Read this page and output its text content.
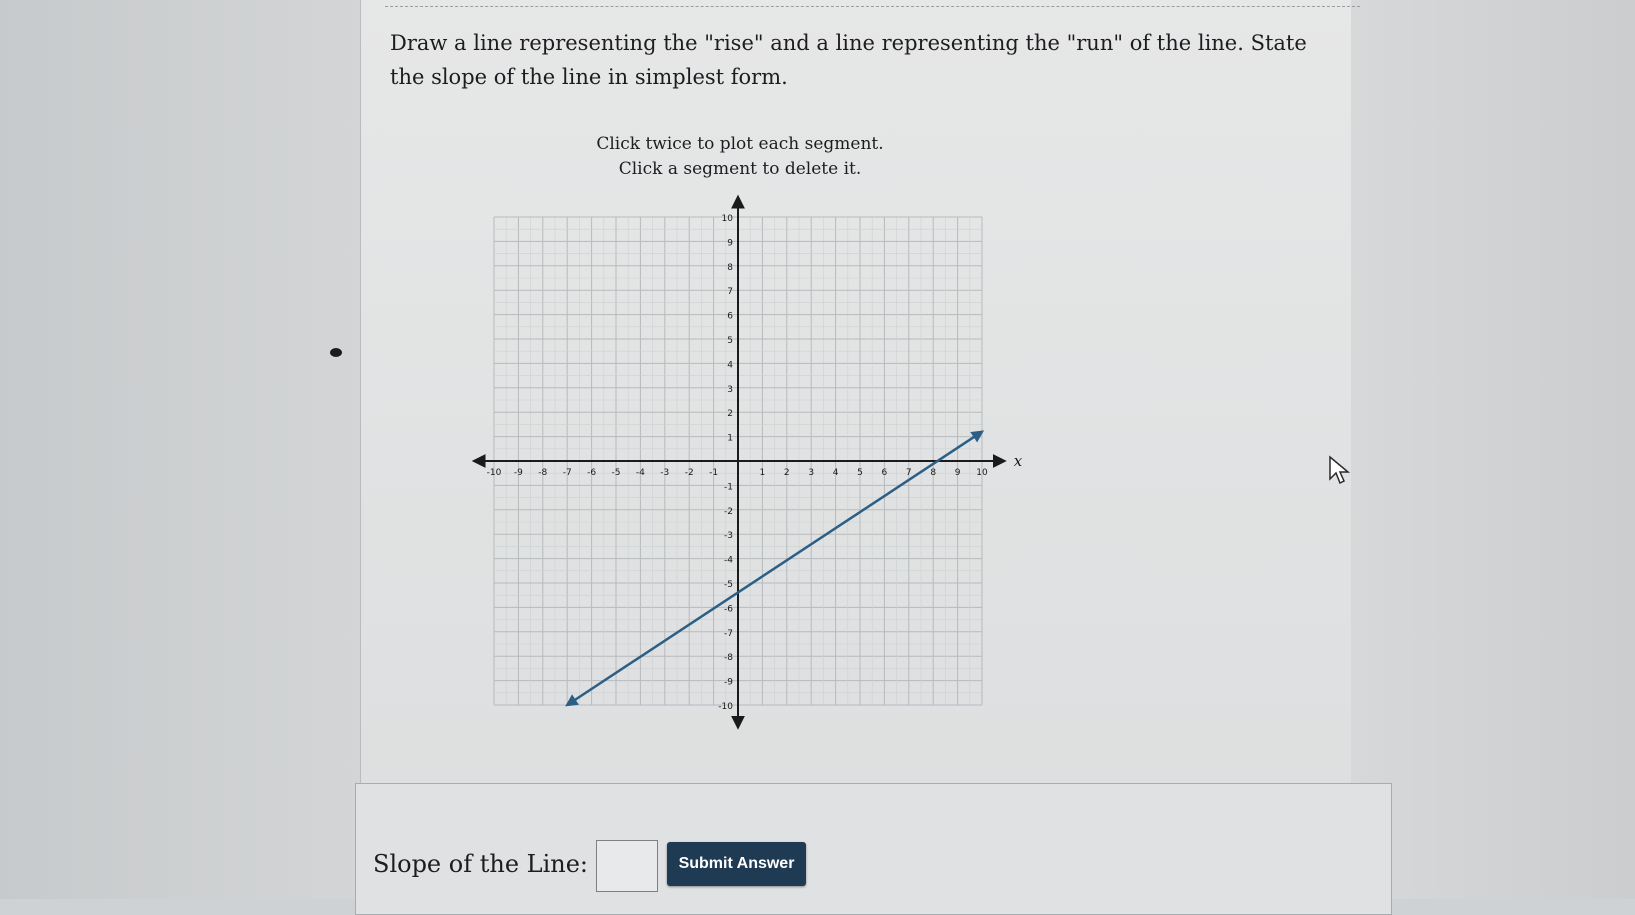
Draw a line representing the "rise" and a line representing the "run" of the line. State the slope of the line in simplest form.
Click twice to plot each segment.
Click a segment to delete it.
x
-10 -9 -8 -7 -6 -5 -4 -3 -2 -1	1 2 3 4 5 6 7 8 9 10
10
9
8
7
6
5
4
3
2
1
-1
-2
-3
-4
-5
-6
-7
-8
-9
-10
Slope of the Line:	Submit Answer
